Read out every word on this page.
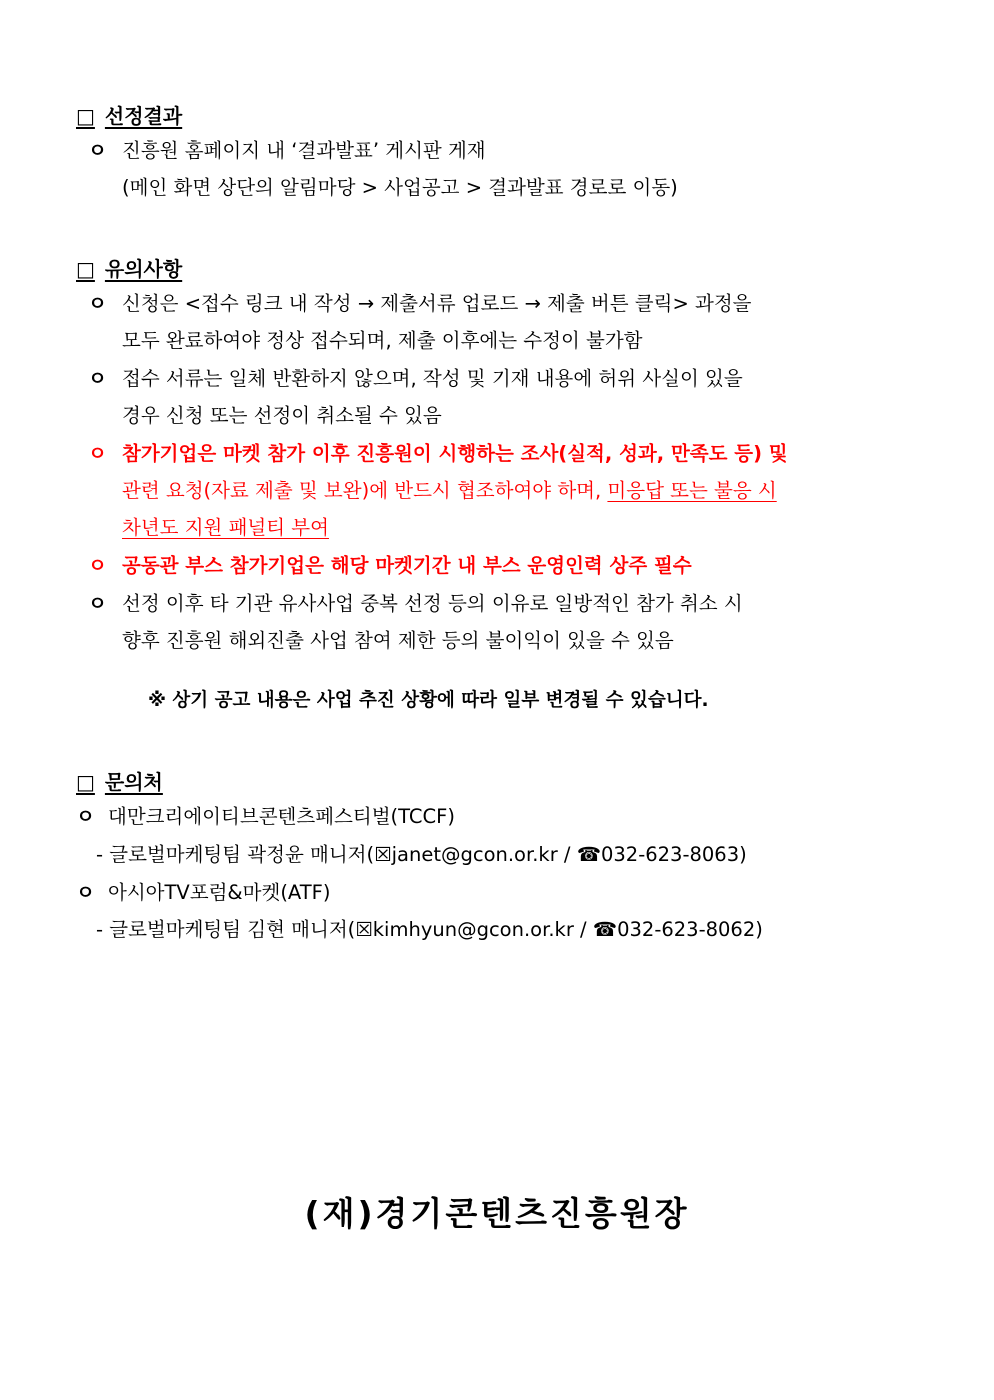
□ 선정결과
ㅇ 진흥원 홈페이지 내 ‘결과발표’ 게시판 게재
(메인 화면 상단의 알림마당 > 사업공고 > 결과발표 경로로 이동)
□ 유의사항
ㅇ 신청은 <접수 링크 내 작성 → 제출서류 업로드 → 제출 버튼 클릭> 과정을
모두 완료하여야 정상 접수되며, 제출 이후에는 수정이 불가함
ㅇ 접수 서류는 일체 반환하지 않으며, 작성 및 기재 내용에 허위 사실이 있을
경우 신청 또는 선정이 취소될 수 있음
ㅇ 참가기업은 마켓 참가 이후 진흥원이 시행하는 조사(실적, 성과, 만족도 등) 및
관련 요청(자료 제출 및 보완)에 반드시 협조하여야 하며, 미응답 또는 불응 시
차년도 지원 패널티 부여
ㅇ 공동관 부스 참가기업은 해당 마켓기간 내 부스 운영인력 상주 필수
ㅇ 선정 이후 타 기관 유사사업 중복 선정 등의 이유로 일방적인 참가 취소 시
향후 진흥원 해외진출 사업 참여 제한 등의 불이익이 있을 수 있음
※ 상기 공고 내용은 사업 추진 상황에 따라 일부 변경될 수 있습니다.
□ 문의처
ㅇ 대만크리에이티브콘텐츠페스티벌(TCCF)
- 글로벌마케팅팀 곽정윤 매니저(☒janet@gcon.or.kr / ☎032-623-8063)
ㅇ 아시아TV포럼&마켓(ATF)
- 글로벌마케팅팀 김현 매니저(☒kimhyun@gcon.or.kr / ☎032-623-8062)
(재)경기콘텐츠진흥원장
